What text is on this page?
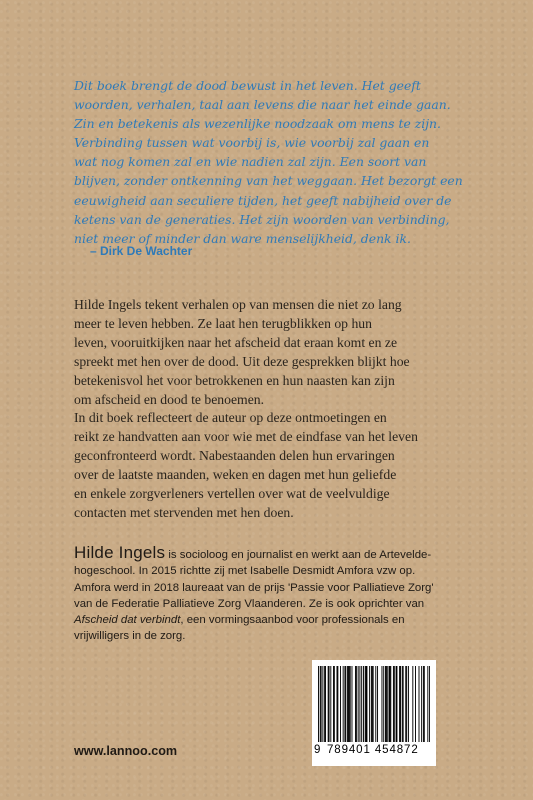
Dit boek brengt de dood bewust in het leven. Het geeft
woorden, verhalen, taal aan levens die naar het einde gaan.
Zin en betekenis als wezenlijke noodzaak om mens te zijn.
Verbinding tussen wat voorbij is, wie voorbij zal gaan en
wat nog komen zal en wie nadien zal zijn. Een soort van
blijven, zonder ontkenning van het weggaan. Het bezorgt een
eeuwigheid aan seculiere tijden, het geeft nabijheid over de
ketens van de generaties. Het zijn woorden van verbinding,
niet meer of minder dan ware menselijkheid, denk ik.
– Dirk De Wachter
Hilde Ingels tekent verhalen op van mensen die niet zo lang
meer te leven hebben. Ze laat hen terugblikken op hun
leven, vooruitkijken naar het afscheid dat eraan komt en ze
spreekt met hen over de dood. Uit deze gesprekken blijkt hoe
betekenisvol het voor betrokkenen en hun naasten kan zijn
om afscheid en dood te benoemen.
In dit boek reflecteert de auteur op deze ontmoetingen en
reikt ze handvatten aan voor wie met de eindfase van het leven
geconfronteerd wordt. Nabestaanden delen hun ervaringen
over de laatste maanden, weken en dagen met hun geliefde
en enkele zorgverleners vertellen over wat de veelvuldige
contacten met stervenden met hen doen.
Hilde Ingels is socioloog en journalist en werkt aan de Artevelde-
hogeschool. In 2015 richtte zij met Isabelle Desmidt Amfora vzw op.
Amfora werd in 2018 laureaat van de prijs 'Passie voor Palliatieve Zorg'
van de Federatie Palliatieve Zorg Vlaanderen. Ze is ook oprichter van
Afscheid dat verbindt, een vormingsaanbod voor professionals en
vrijwilligers in de zorg.
www.lannoo.com	9 789401 454872
